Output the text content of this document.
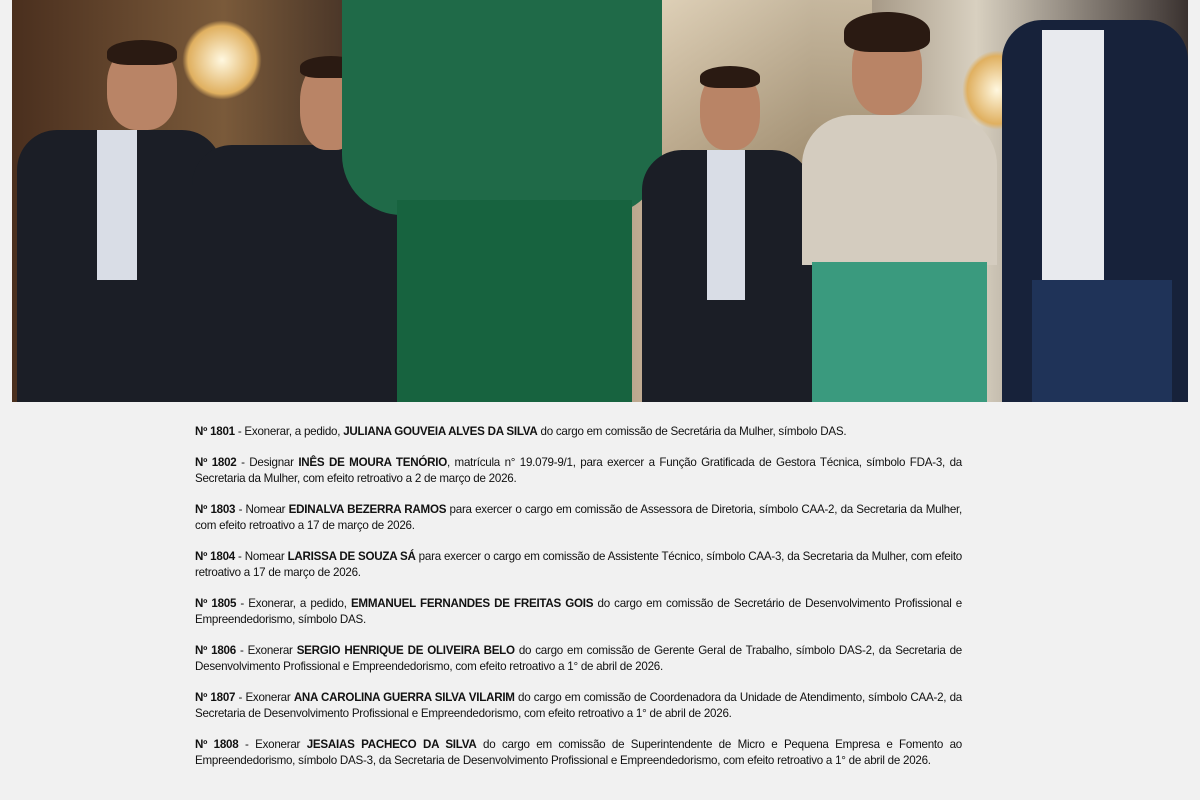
Nº 1801 - Exonerar, a pedido, JULIANA GOUVEIA ALVES DA SILVA do cargo em comissão de Secretária da Mulher, símbolo DAS.

Nº 1802 - Designar INÊS DE MOURA TENÓRIO, matrícula n° 19.079-9/1, para exercer a Função Gratificada de Gestora Técnica, símbolo FDA-3, da Secretaria da Mulher, com efeito retroativo a 2 de março de 2026.

Nº 1803 - Nomear EDINALVA BEZERRA RAMOS para exercer o cargo em comissão de Assessora de Diretoria, símbolo CAA-2, da Secretaria da Mulher, com efeito retroativo a 17 de março de 2026.

Nº 1804 - Nomear LARISSA DE SOUZA SÁ para exercer o cargo em comissão de Assistente Técnico, símbolo CAA-3, da Secretaria da Mulher, com efeito retroativo a 17 de março de 2026.

Nº 1805 - Exonerar, a pedido, EMMANUEL FERNANDES DE FREITAS GOIS do cargo em comissão de Secretário de Desenvolvimento Profissional e Empreendedorismo, símbolo DAS.

Nº 1806 - Exonerar SERGIO HENRIQUE DE OLIVEIRA BELO do cargo em comissão de Gerente Geral de Trabalho, símbolo DAS-2, da Secretaria de Desenvolvimento Profissional e Empreendedorismo, com efeito retroativo a 1° de abril de 2026.

Nº 1807 - Exonerar ANA CAROLINA GUERRA SILVA VILARIM do cargo em comissão de Coordenadora da Unidade de Atendimento, símbolo CAA-2, da Secretaria de Desenvolvimento Profissional e Empreendedorismo, com efeito retroativo a 1° de abril de 2026.

Nº 1808 - Exonerar JESAIAS PACHECO DA SILVA do cargo em comissão de Superintendente de Micro e Pequena Empresa e Fomento ao Empreendedorismo, símbolo DAS-3, da Secretaria de Desenvolvimento Profissional e Empreendedorismo, com efeito retroativo a 1° de abril de 2026.
